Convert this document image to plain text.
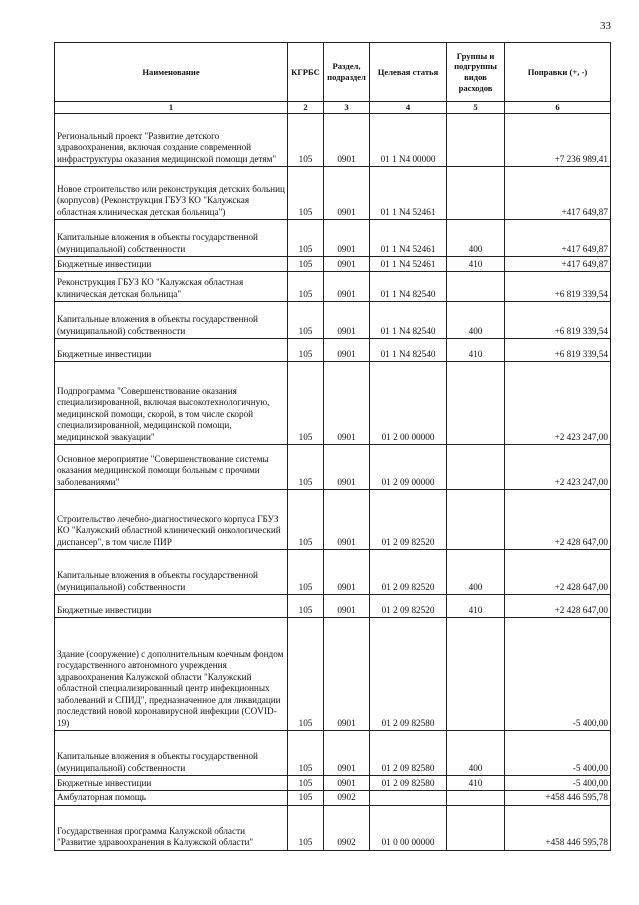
33
Наименование	КГРБС	Раздел, подраздел	Целевая статья	Группы и подгруппы видов расходов	Поправки (+, -)
1	2	3	4	5	6
Региональный проект "Развитие детского здравоохранения, включая создание современной инфраструктуры оказания медицинской помощи детям"	105	0901	01 1 N4 00000		+7 236 989,41
Новое строительство или реконструкция детских больниц (корпусов) (Реконструкция ГБУЗ КО "Калужская областная клиническая детская больница")	105	0901	01 1 N4 52461		+417 649,87
Капитальные вложения в объекты государственной (муниципальной) собственности	105	0901	01 1 N4 52461	400	+417 649,87
Бюджетные инвестиции	105	0901	01 1 N4 52461	410	+417 649,87
Реконструкция ГБУЗ КО "Калужская областная клиническая детская больница"	105	0901	01 1 N4 82540		+6 819 339,54
Капитальные вложения в объекты государственной (муниципальной) собственности	105	0901	01 1 N4 82540	400	+6 819 339,54
Бюджетные инвестиции	105	0901	01 1 N4 82540	410	+6 819 339,54
Подпрограмма "Совершенствование оказания специализированной, включая высокотехнологичную, медицинской помощи, скорой, в том числе скорой специализированной, медицинской помощи, медицинской эвакуации"	105	0901	01 2 00 00000		+2 423 247,00
Основное мероприятие "Совершенствование системы оказания медицинской помощи больным с прочими заболеваниями"	105	0901	01 2 09 00000		+2 423 247,00
Строительство лечебно-диагностического корпуса ГБУЗ КО "Калужский областной клинический онкологический диспансер", в том числе ПИР	105	0901	01 2 09 82520		+2 428 647,00
Капитальные вложения в объекты государственной (муниципальной) собственности	105	0901	01 2 09 82520	400	+2 428 647,00
Бюджетные инвестиции	105	0901	01 2 09 82520	410	+2 428 647,00
Здание (сооружение) с дополнительным коечным фондом государственного автономного учреждения здравоохранения Калужской области "Калужский областной специализированный центр инфекционных заболеваний и СПИД", предназначенное для ликвидации последствий новой коронавирусной инфекции (COVID-19)	105	0901	01 2 09 82580		-5 400,00
Капитальные вложения в объекты государственной (муниципальной) собственности	105	0901	01 2 09 82580	400	-5 400,00
Бюджетные инвестиции	105	0901	01 2 09 82580	410	-5 400,00
Амбулаторная помощь	105	0902			+458 446 595,78
Государственная программа Калужской области "Развитие здравоохранения в Калужской области"	105	0902	01 0 00 00000		+458 446 595,78
